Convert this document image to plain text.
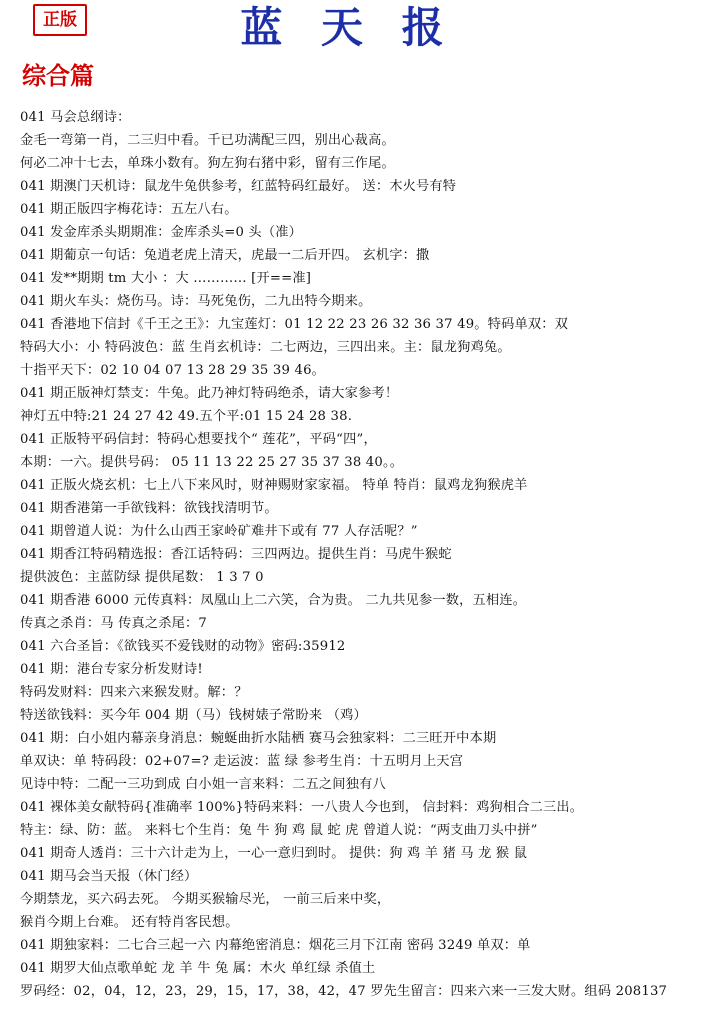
正版	蓝 天 报
综合篇
041 马会总纲诗：
金毛一弯第一肖，二三归中看。千已功满配三四，别出心裁高。
何必二冲十七去，单珠小数有。狗左狗右猪中彩，留有三作尾。
041 期澳门天机诗：鼠龙牛兔供参考，红蓝特码红最好。 送：木火号有特
041 期正版四字梅花诗：五左八右。
041 发金库杀头期期准：金库杀头=0 头（准）
041 期葡京一句话：兔逍老虎上清天，虎最一二后开四。 玄机字：撒
041 发**期期 tm 大小 ：大 ………… [开==准]
041 期火车头：烧伤马。诗：马死兔伤，二九出特今期来。
041 香港地下信封《千王之王》：九宝莲灯：01 12 22 23 26 32 36 37 49。特码单双：双
特码大小：小 特码波色：蓝 生肖玄机诗：二七两边，三四出来。主：鼠龙狗鸡兔。
十指平天下：02 10 04 07 13 28 29 35 39 46。
041 期正版神灯禁支：牛兔。此乃神灯特码绝杀，请大家参考！
神灯五中特:21 24 27 42 49.五个平:01 15 24 28 38.
041 正版特平码信封：特码心想要找个“ 莲花”，平码“四”，
本期：一六。提供号码： 05 11 13 22 25 27 35 37 38 40。。
041 正版火烧玄机：七上八下来风时，财神赐财家家福。 特单 特肖：鼠鸡龙狗猴虎羊
041 期香港第一手欲钱料：欲钱找清明节。
041 期曾道人说：为什么山西王家岭矿难井下或有 77 人存活呢？”
041 期香江特码精选报：香江话特码：三四两边。提供生肖：马虎牛猴蛇
提供波色：主蓝防绿 提供尾数： 1 3 7 0
041 期香港 6000 元传真料：凤凰山上二六笑，合为贵。 二九共见参一数，五相连。
传真之杀肖：马 传真之杀尾：7
041 六合圣旨：《欲钱买不爱钱财的动物》密码:35912
041 期：港台专家分析发财诗!
特码发财料：四来六来猴发财。解：？
特送欲钱料：买今年 004 期（马）钱树婊子常盼来 （鸡）
041 期：白小姐内幕亲身消息：蜿蜒曲折水陆栖 赛马会独家料：二三旺开中本期
单双诀：单 特码段：02+07=? 走运波：蓝 绿 参考生肖：十五明月上天宫
见诗中特：二配一三功到成 白小姐一言来料：二五之间独有八
041 裸体美女献特码{准确率 100%}特码来料：一八贵人今也到， 信封料：鸡狗相合二三出。
特主：绿、防：蓝。 来料七个生肖：兔 牛 狗 鸡 鼠 蛇 虎 曾道人说：“两支曲刀头中拼”
041 期奇人透肖：三十六计走为上，一心一意归到时。 提供：狗 鸡 羊 猪 马 龙 猴 鼠
041 期马会当天报（休门经）
今期禁龙，买六码去死。 今期买猴输尽光， 一前三后来中奖，
猴肖今期上台难。 还有特肖客民想。
041 期独家料：二七合三起一六 内幕绝密消息：烟花三月下江南 密码 3249 单双：单
041 期罗大仙点歌单蛇 龙 羊 牛 兔 属：木火 单红绿 杀值土
罗码经：02，04，12，23，29，15，17，38，42，47 罗先生留言：四来六来一三发大财。组码 208137
